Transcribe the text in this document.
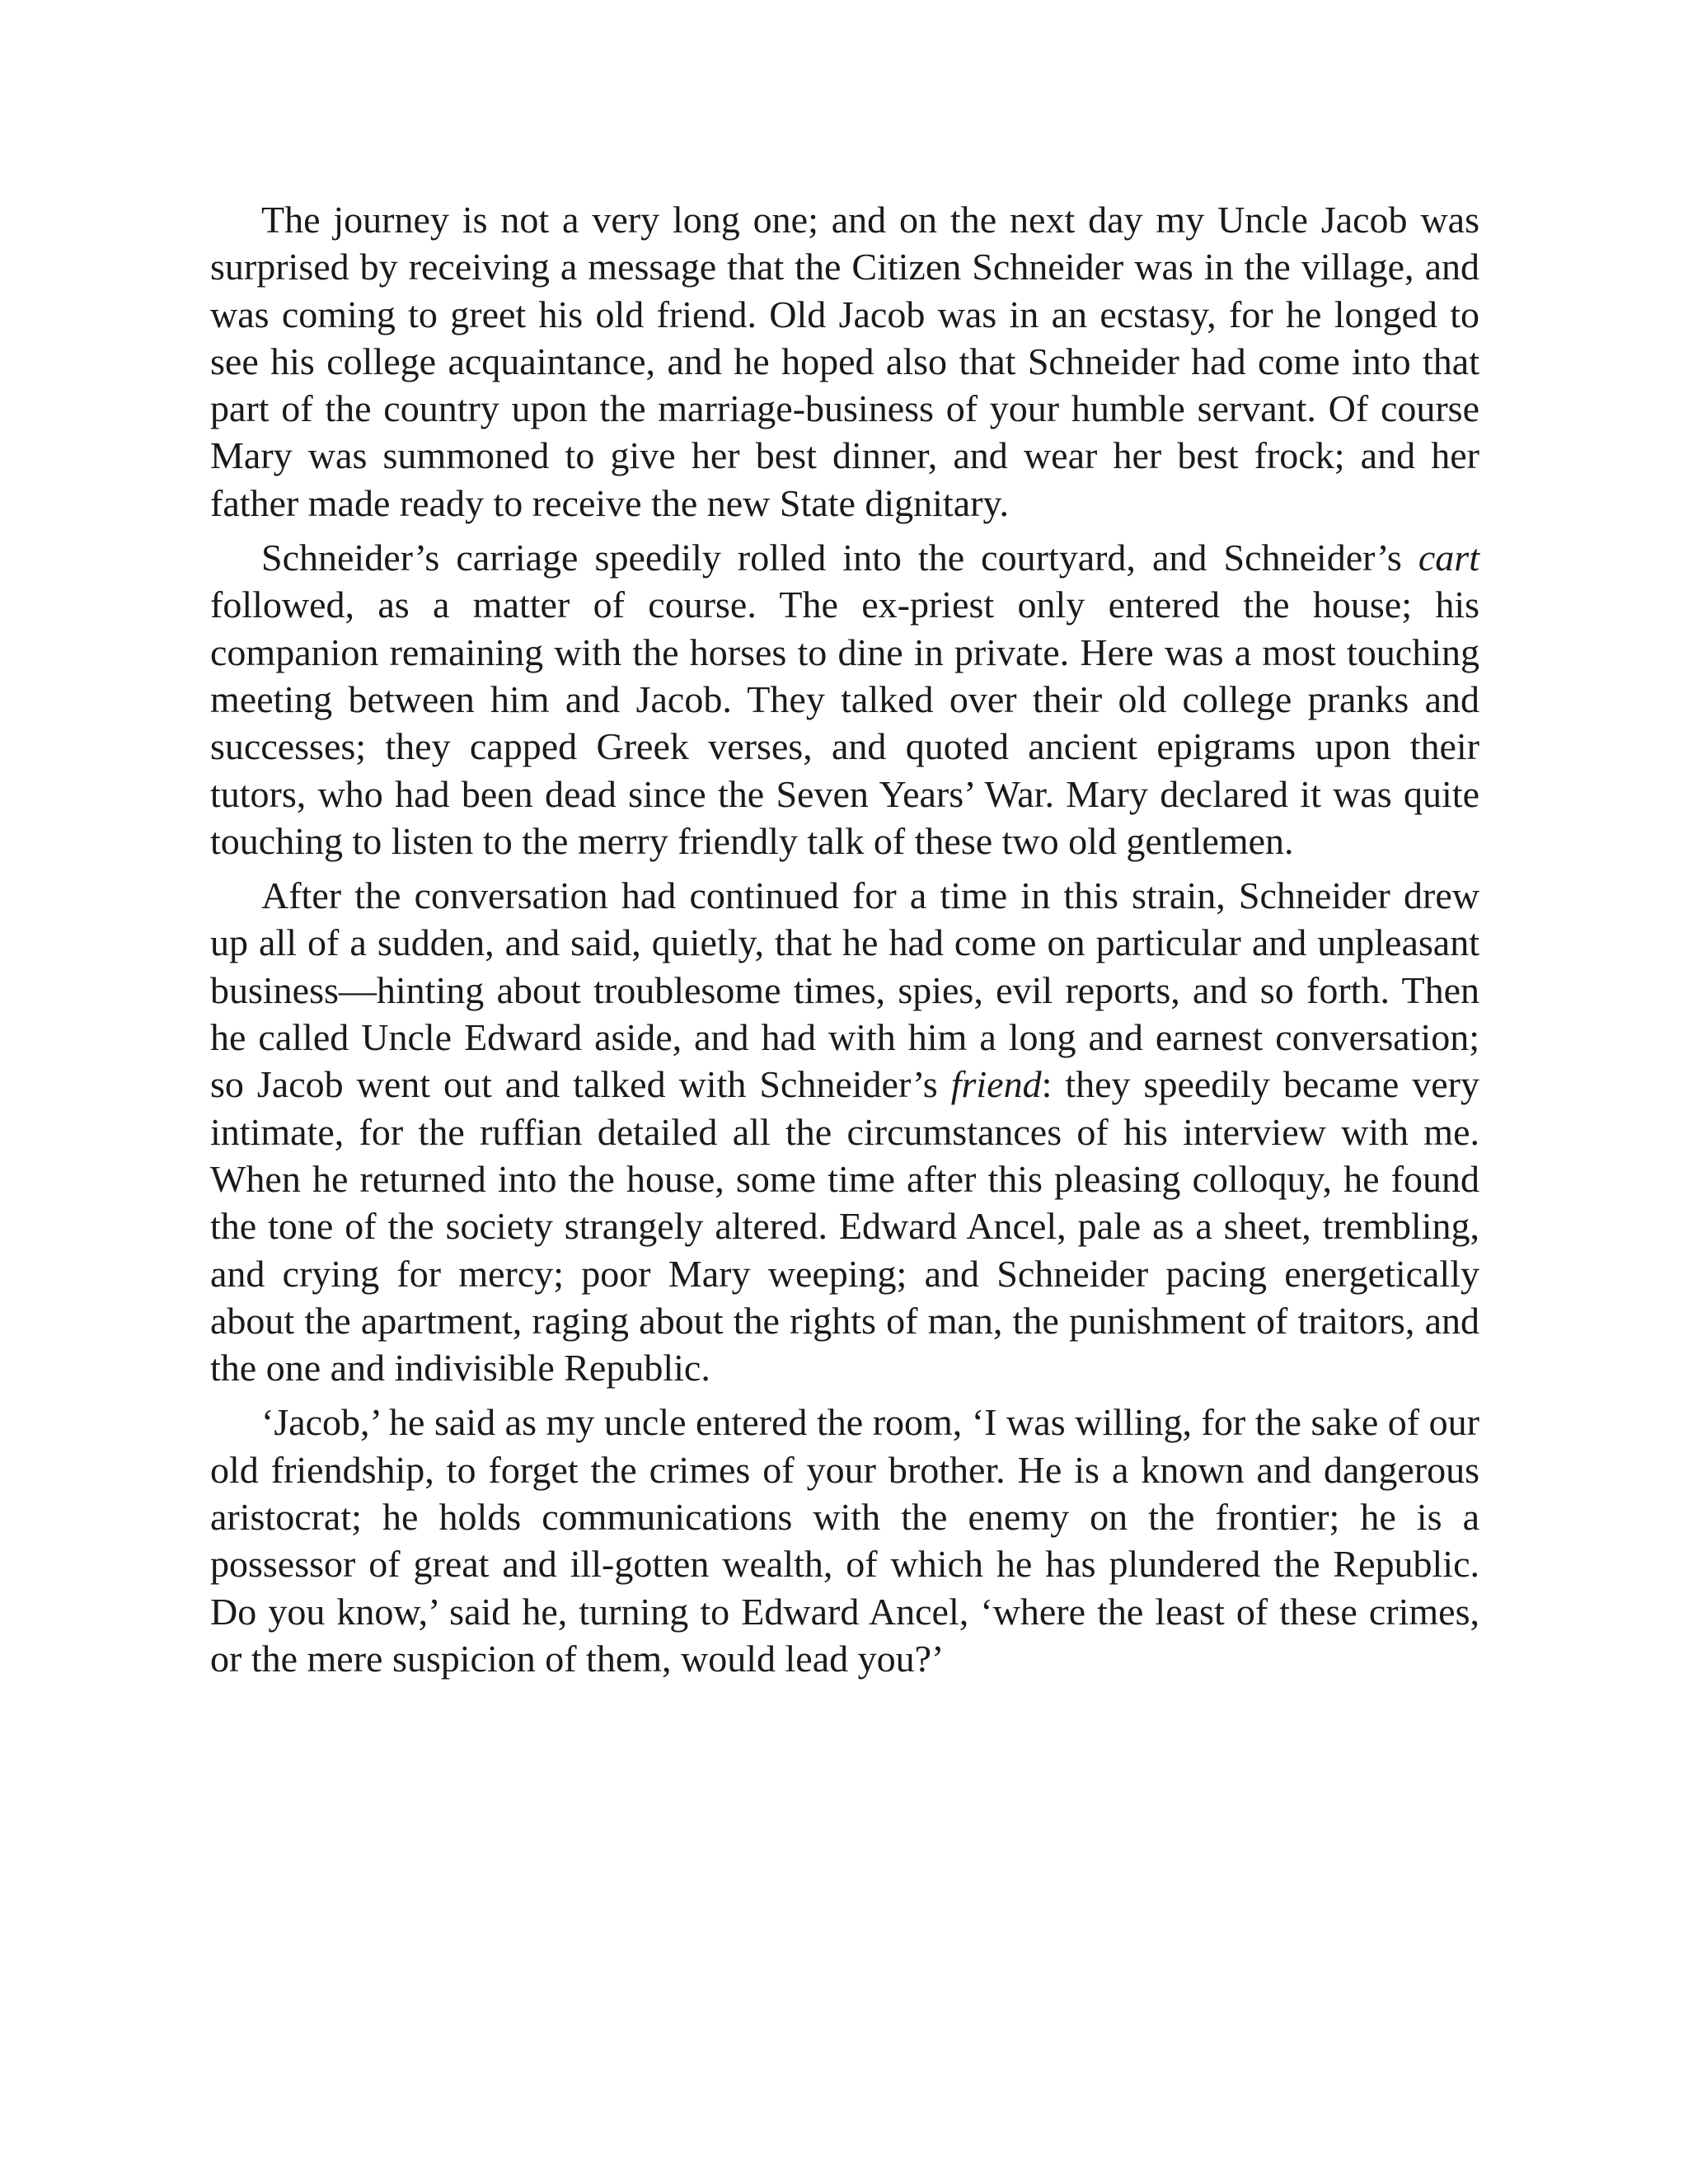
The journey is not a very long one; and on the next day my Uncle Jacob was surprised by receiving a message that the Citizen Schneider was in the village, and was coming to greet his old friend. Old Jacob was in an ecstasy, for he longed to see his college acquaintance, and he hoped also that Schneider had come into that part of the country upon the marriage-business of your humble servant. Of course Mary was summoned to give her best dinner, and wear her best frock; and her father made ready to receive the new State dignitary.

Schneider’s carriage speedily rolled into the courtyard, and Schneider’s cart followed, as a matter of course. The ex-priest only entered the house; his companion remaining with the horses to dine in private. Here was a most touching meeting between him and Jacob. They talked over their old college pranks and successes; they capped Greek verses, and quoted ancient epigrams upon their tutors, who had been dead since the Seven Years’ War. Mary declared it was quite touching to listen to the merry friendly talk of these two old gentlemen.

After the conversation had continued for a time in this strain, Schneider drew up all of a sudden, and said, quietly, that he had come on particular and unpleasant business—hinting about troublesome times, spies, evil reports, and so forth. Then he called Uncle Edward aside, and had with him a long and earnest conversation; so Jacob went out and talked with Schneider’s friend: they speedily became very intimate, for the ruffian detailed all the circumstances of his interview with me. When he returned into the house, some time after this pleasing colloquy, he found the tone of the society strangely altered. Edward Ancel, pale as a sheet, trembling, and crying for mercy; poor Mary weeping; and Schneider pacing energetically about the apartment, raging about the rights of man, the punishment of traitors, and the one and indivisible Republic.

‘Jacob,’ he said as my uncle entered the room, ‘I was willing, for the sake of our old friendship, to forget the crimes of your brother. He is a known and dangerous aristocrat; he holds communications with the enemy on the frontier; he is a possessor of great and ill-gotten wealth, of which he has plundered the Republic. Do you know,’ said he, turning to Edward Ancel, ‘where the least of these crimes, or the mere suspicion of them, would lead you?’
